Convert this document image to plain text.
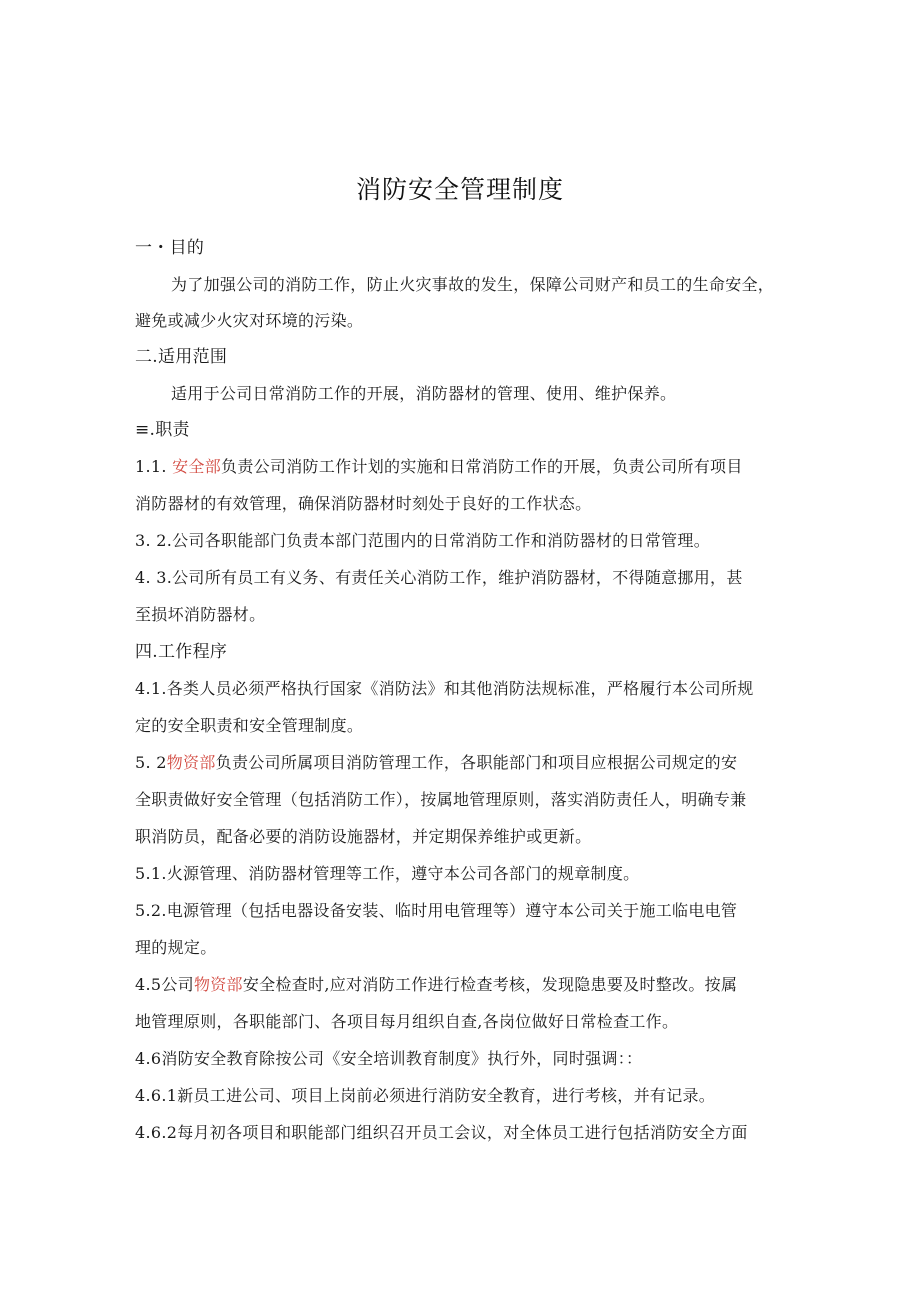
消防安全管理制度
一・目的
为了加强公司的消防工作，防止火灾事故的发生，保障公司财产和员工的生命安全，
避免或减少火灾对环境的污染。
二.适用范围
适用于公司日常消防工作的开展，消防器材的管理、使用、维护保养。
≡.职责
1.1. 安全部负责公司消防工作计划的实施和日常消防工作的开展，负责公司所有项目
消防器材的有效管理，确保消防器材时刻处于良好的工作状态。
3. 2.公司各职能部门负责本部门范围内的日常消防工作和消防器材的日常管理。
4. 3.公司所有员工有义务、有责任关心消防工作，维护消防器材，不得随意挪用，甚
至损坏消防器材。
四.工作程序
4.1.各类人员必须严格执行国家《消防法》和其他消防法规标准，严格履行本公司所规
定的安全职责和安全管理制度。
5. 2物资部负责公司所属项目消防管理工作，各职能部门和项目应根据公司规定的安
全职责做好安全管理（包括消防工作），按属地管理原则，落实消防责任人，明确专兼
职消防员，配备必要的消防设施器材，并定期保养维护或更新。
5.1.火源管理、消防器材管理等工作，遵守本公司各部门的规章制度。
5.2.电源管理（包括电器设备安装、临时用电管理等）遵守本公司关于施工临电电管
理的规定。
4.5公司物资部安全检查时,应对消防工作进行检查考核，发现隐患要及时整改。按属
地管理原则，各职能部门、各项目每月组织自查,各岗位做好日常检查工作。
4.6消防安全教育除按公司《安全培训教育制度》执行外，同时强调：：
4.6.1新员工进公司、项目上岗前必须进行消防安全教育，进行考核，并有记录。
4.6.2每月初各项目和职能部门组织召开员工会议，对全体员工进行包括消防安全方面
